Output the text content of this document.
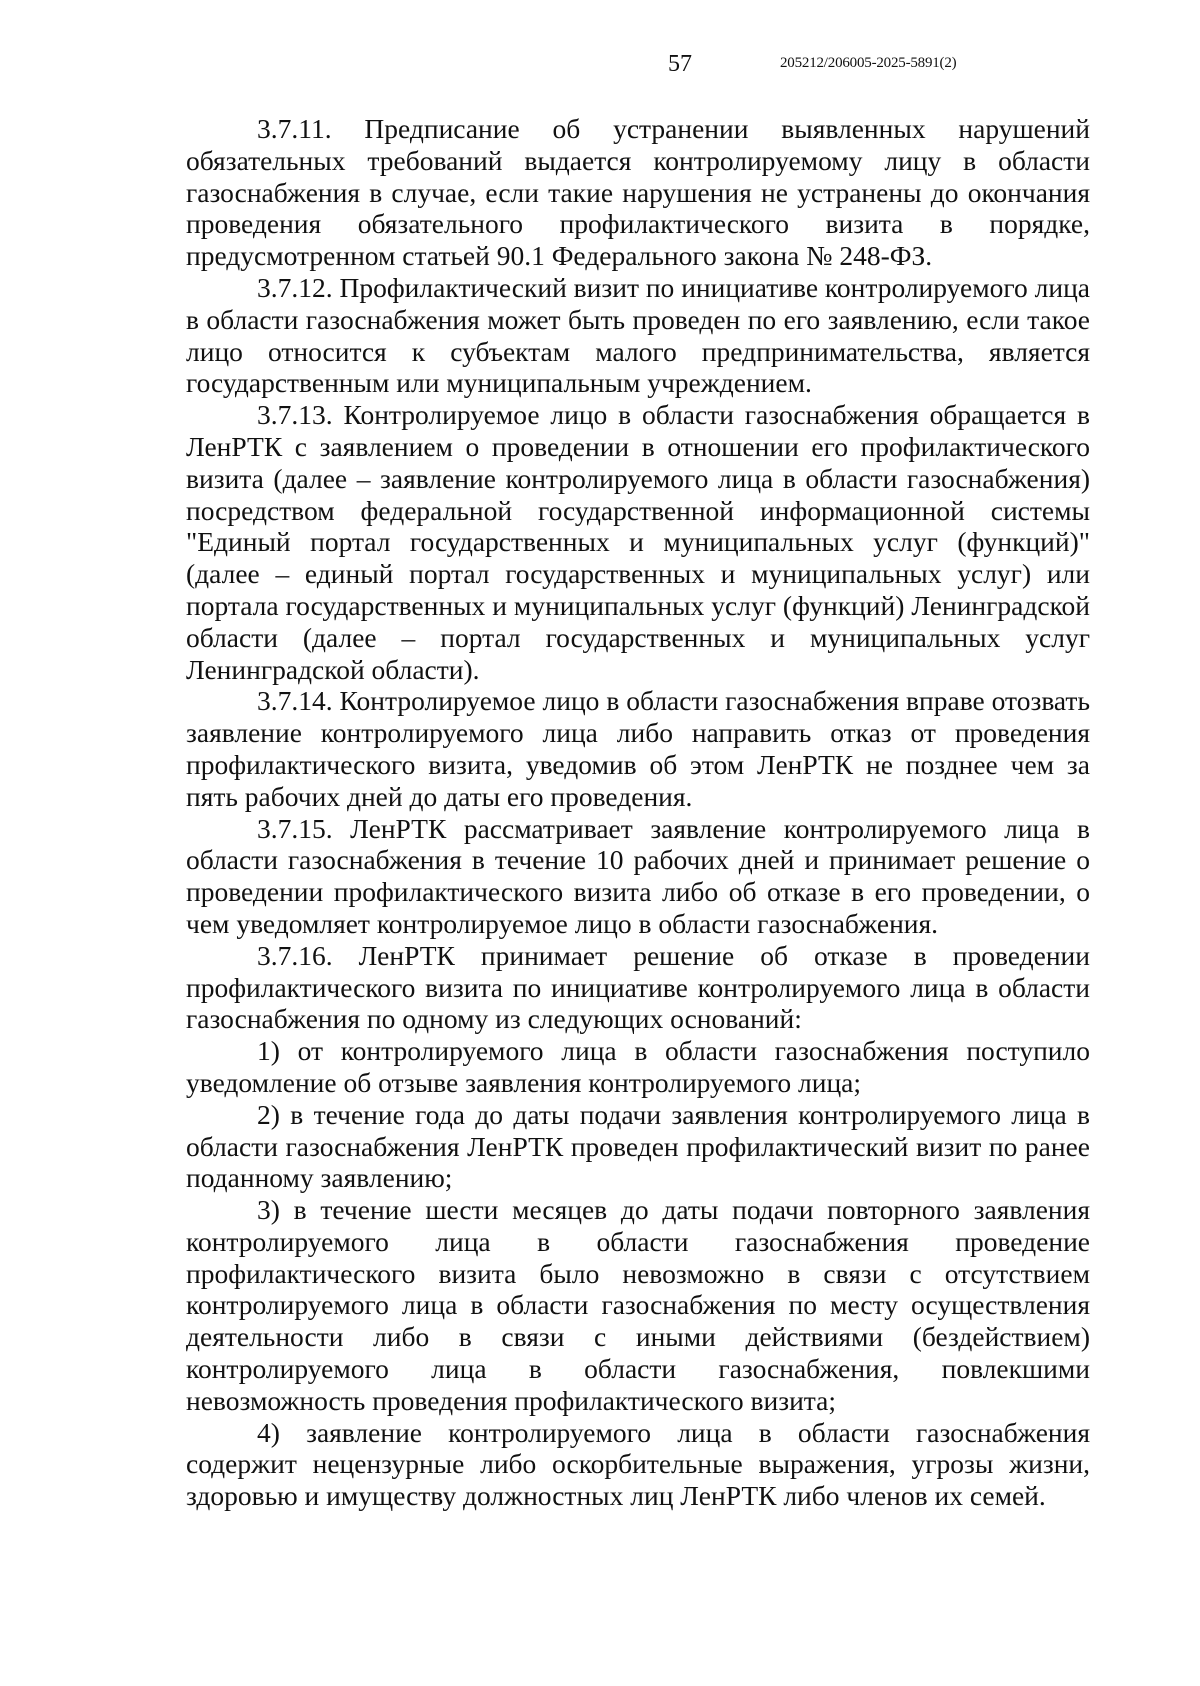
57	205212/206005-2025-5891(2)

3.7.11. Предписание об устранении выявленных нарушений обязательных требований выдается контролируемому лицу в области газоснабжения в случае, если такие нарушения не устранены до окончания проведения обязательного профилактического визита в порядке, предусмотренном статьей 90.1 Федерального закона № 248-ФЗ.

3.7.12. Профилактический визит по инициативе контролируемого лица в области газоснабжения может быть проведен по его заявлению, если такое лицо относится к субъектам малого предпринимательства, является государственным или муниципальным учреждением.

3.7.13. Контролируемое лицо в области газоснабжения обращается в ЛенРТК с заявлением о проведении в отношении его профилактического визита (далее – заявление контролируемого лица в области газоснабжения) посредством федеральной государственной информационной системы "Единый портал государственных и муниципальных услуг (функций)" (далее – единый портал государственных и муниципальных услуг) или портала государственных и муниципальных услуг (функций) Ленинградской области (далее – портал государственных и муниципальных услуг Ленинградской области).

3.7.14. Контролируемое лицо в области газоснабжения вправе отозвать заявление контролируемого лица либо направить отказ от проведения профилактического визита, уведомив об этом ЛенРТК не позднее чем за пять рабочих дней до даты его проведения.

3.7.15. ЛенРТК рассматривает заявление контролируемого лица в области газоснабжения в течение 10 рабочих дней и принимает решение о проведении профилактического визита либо об отказе в его проведении, о чем уведомляет контролируемое лицо в области газоснабжения.

3.7.16. ЛенРТК принимает решение об отказе в проведении профилактического визита по инициативе контролируемого лица в области газоснабжения по одному из следующих оснований:

1) от контролируемого лица в области газоснабжения поступило уведомление об отзыве заявления контролируемого лица;

2) в течение года до даты подачи заявления контролируемого лица в области газоснабжения ЛенРТК проведен профилактический визит по ранее поданному заявлению;

3) в течение шести месяцев до даты подачи повторного заявления контролируемого лица в области газоснабжения проведение профилактического визита было невозможно в связи с отсутствием контролируемого лица в области газоснабжения по месту осуществления деятельности либо в связи с иными действиями (бездействием) контролируемого лица в области газоснабжения, повлекшими невозможность проведения профилактического визита;

4) заявление контролируемого лица в области газоснабжения содержит нецензурные либо оскорбительные выражения, угрозы жизни, здоровью и имуществу должностных лиц ЛенРТК либо членов их семей.
